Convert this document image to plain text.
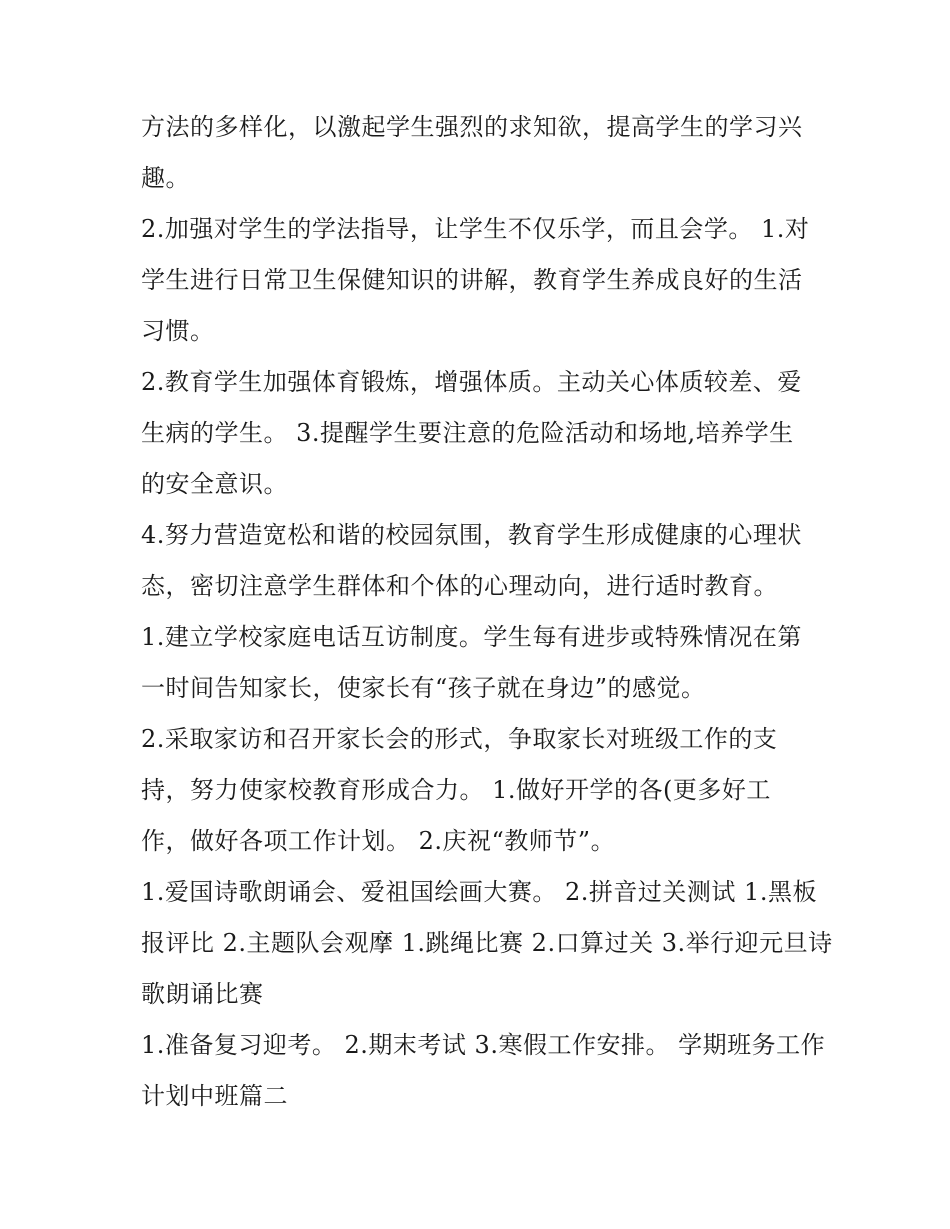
方法的多样化，以激起学生强烈的求知欲，提高学生的学习兴
趣。
2.加强对学生的学法指导，让学生不仅乐学，而且会学。 1.对
学生进行日常卫生保健知识的讲解，教育学生养成良好的生活
习惯。
2.教育学生加强体育锻炼，增强体质。主动关心体质较差、爱
生病的学生。 3.提醒学生要注意的危险活动和场地,培养学生
的安全意识。
4.努力营造宽松和谐的校园氛围，教育学生形成健康的心理状
态，密切注意学生群体和个体的心理动向，进行适时教育。
1.建立学校家庭电话互访制度。学生每有进步或特殊情况在第
一时间告知家长，使家长有“孩子就在身边”的感觉。
2.采取家访和召开家长会的形式，争取家长对班级工作的支
持，努力使家校教育形成合力。 1.做好开学的各(更多好工
作，做好各项工作计划。 2.庆祝“教师节”。
1.爱国诗歌朗诵会、爱祖国绘画大赛。 2.拼音过关测试 1.黑板
报评比 2.主题队会观摩 1.跳绳比赛 2.口算过关 3.举行迎元旦诗
歌朗诵比赛
1.准备复习迎考。 2.期末考试 3.寒假工作安排。 学期班务工作
计划中班篇二
